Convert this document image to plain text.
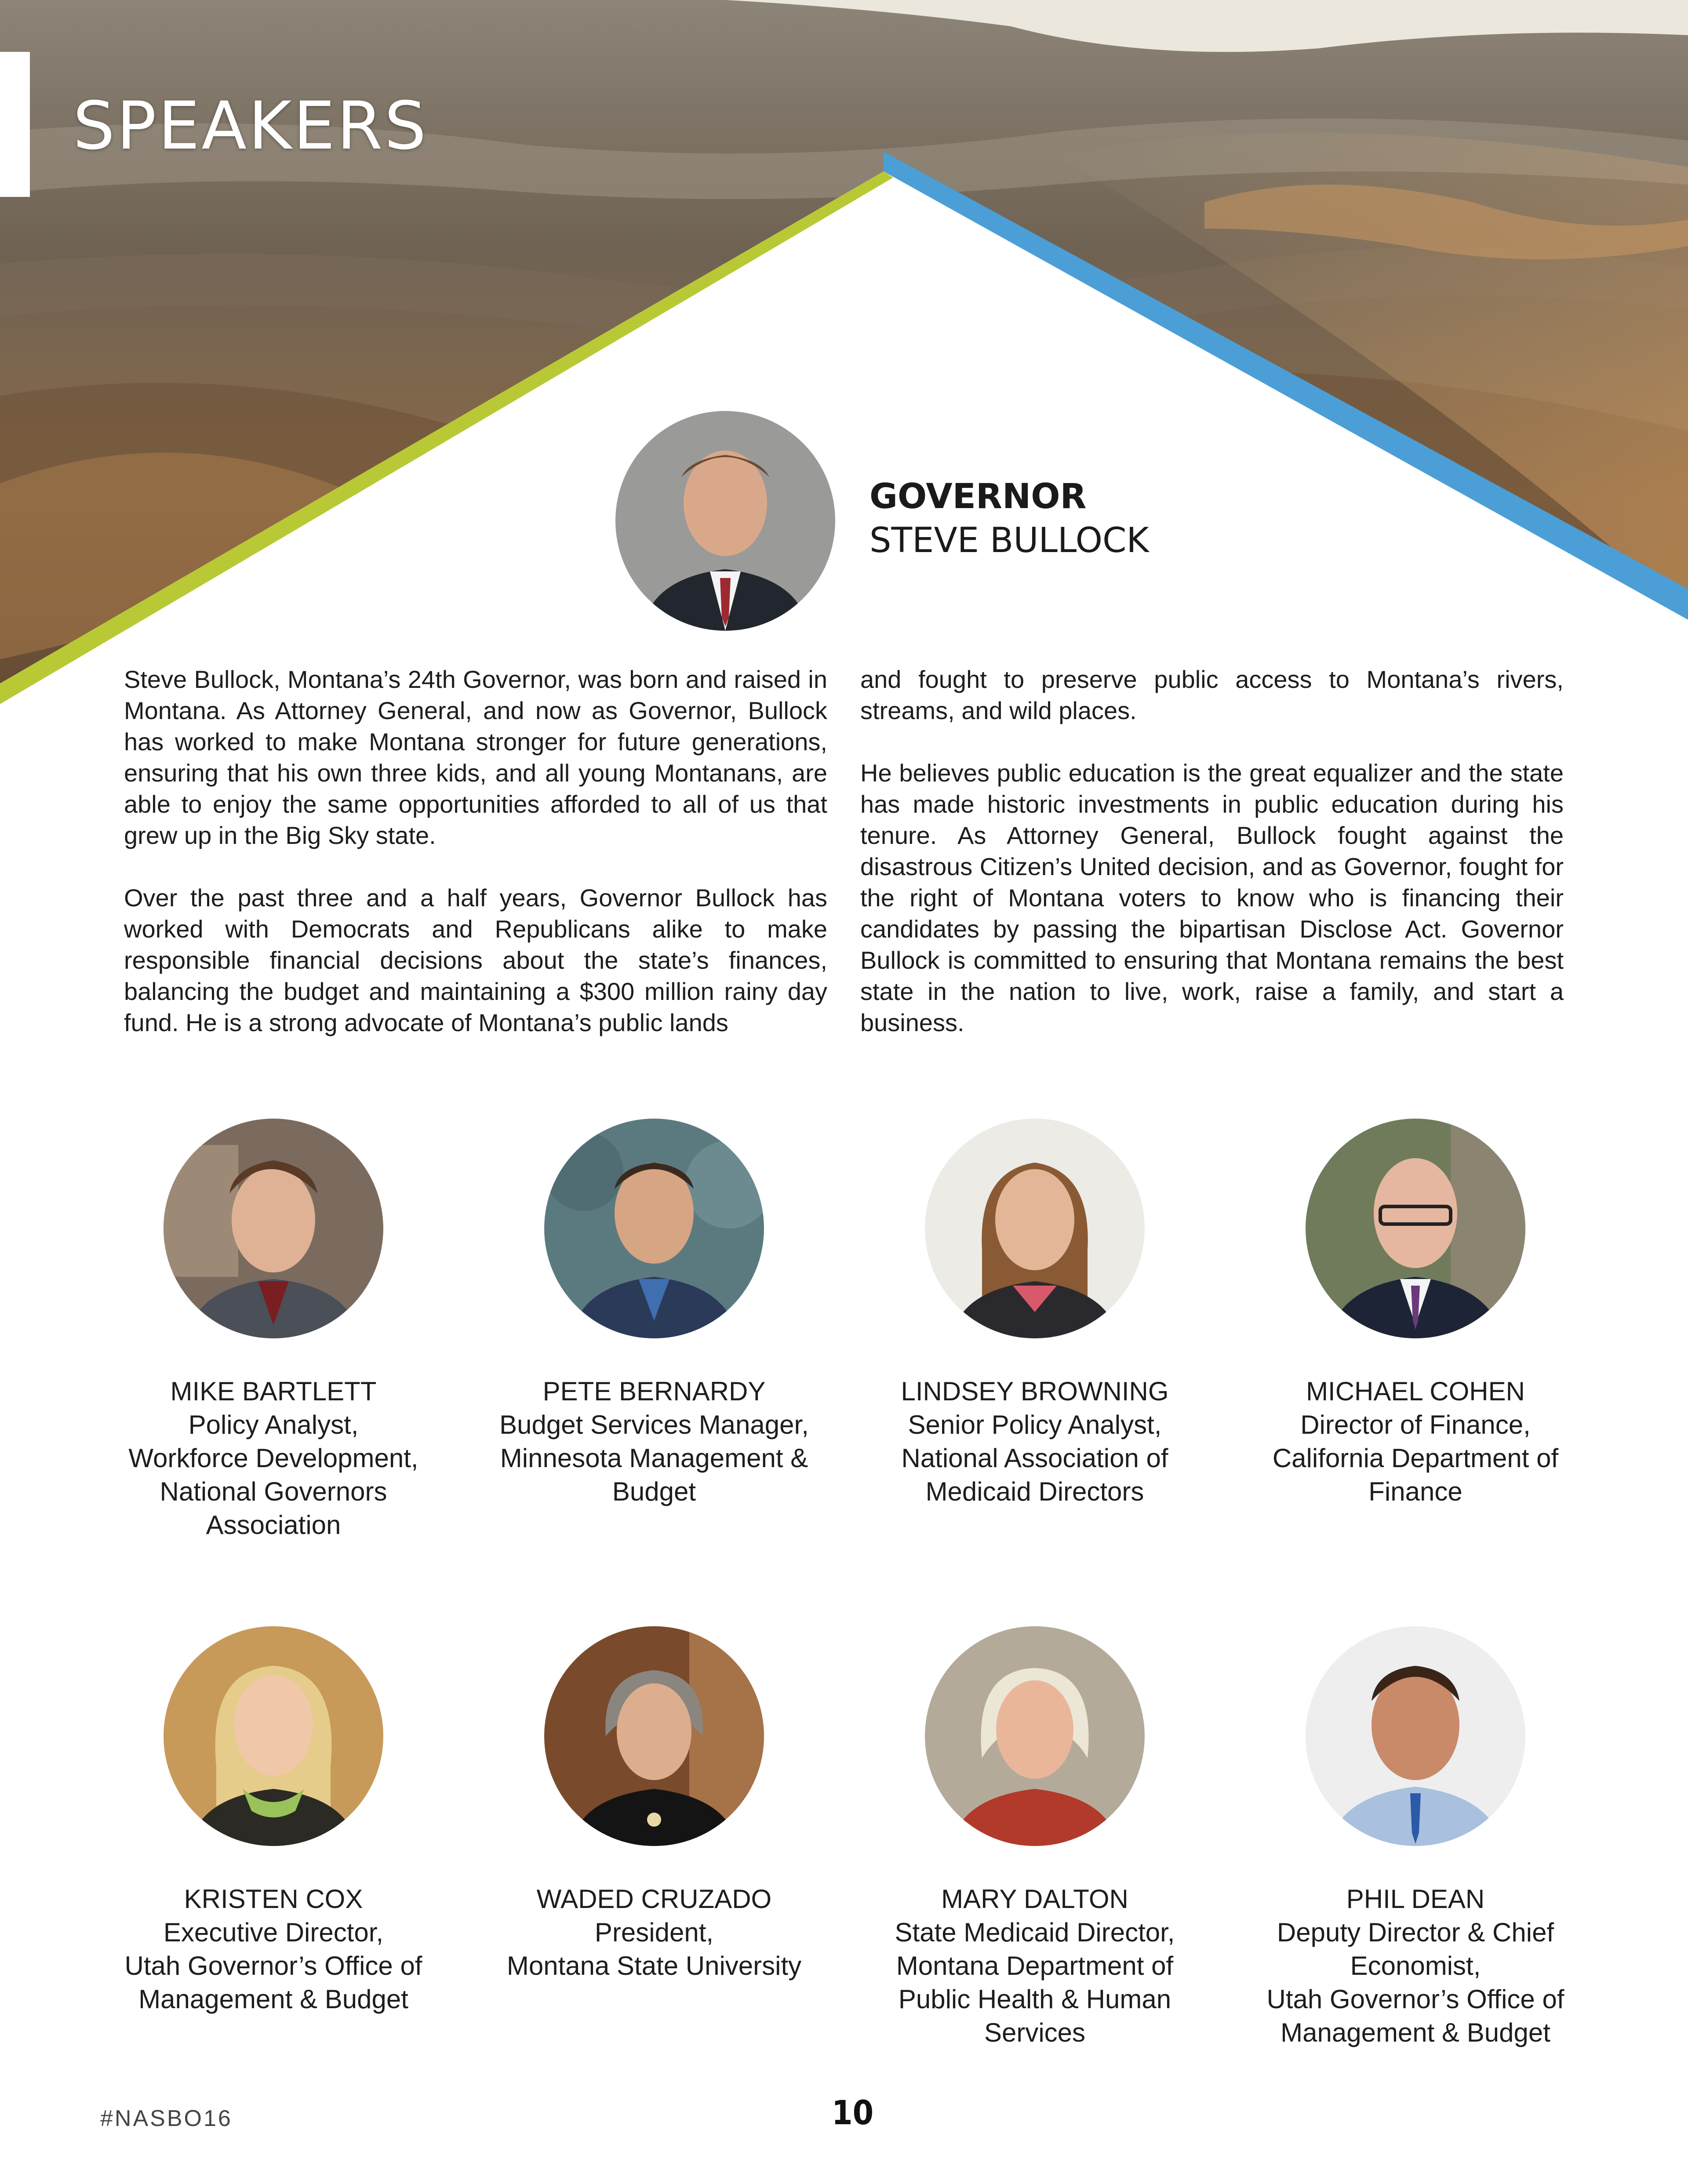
SPEAKERS
GOVERNOR
STEVE BULLOCK

Steve Bullock, Montana’s 24th Governor, was born and raised in Montana. As Attorney General, and now as Governor, Bullock has worked to make Montana stronger for future generations, ensuring that his own three kids, and all young Montanans, are able to enjoy the same opportunities afforded to all of us that grew up in the Big Sky state.

Over the past three and a half years, Governor Bullock has worked with Democrats and Republicans alike to make responsible financial decisions about the state’s finances, balancing the budget and maintaining a $300 million rainy day fund. He is a strong advocate of Montana’s public lands

and fought to preserve public access to Montana’s rivers, streams, and wild places.

He believes public education is the great equalizer and the state has made historic investments in public education during his tenure. As Attorney General, Bullock fought against the disastrous Citizen’s United decision, and as Governor, fought for the right of Montana voters to know who is financing their candidates by passing the bipartisan Disclose Act. Governor Bullock is committed to ensuring that Montana remains the best state in the nation to live, work, raise a family, and start a business.

MIKE BARTLETT
Policy Analyst,
Workforce Development,
National Governors
Association
PETE BERNARDY
Budget Services Manager,
Minnesota Management &
Budget
LINDSEY BROWNING
Senior Policy Analyst,
National Association of
Medicaid Directors
MICHAEL COHEN
Director of Finance,
California Department of
Finance
KRISTEN COX
Executive Director,
Utah Governor’s Office of
Management & Budget
WADED CRUZADO
President,
Montana State University
MARY DALTON
State Medicaid Director,
Montana Department of
Public Health & Human
Services
PHIL DEAN
Deputy Director & Chief
Economist,
Utah Governor’s Office of
Management & Budget
#NASBO16	10
